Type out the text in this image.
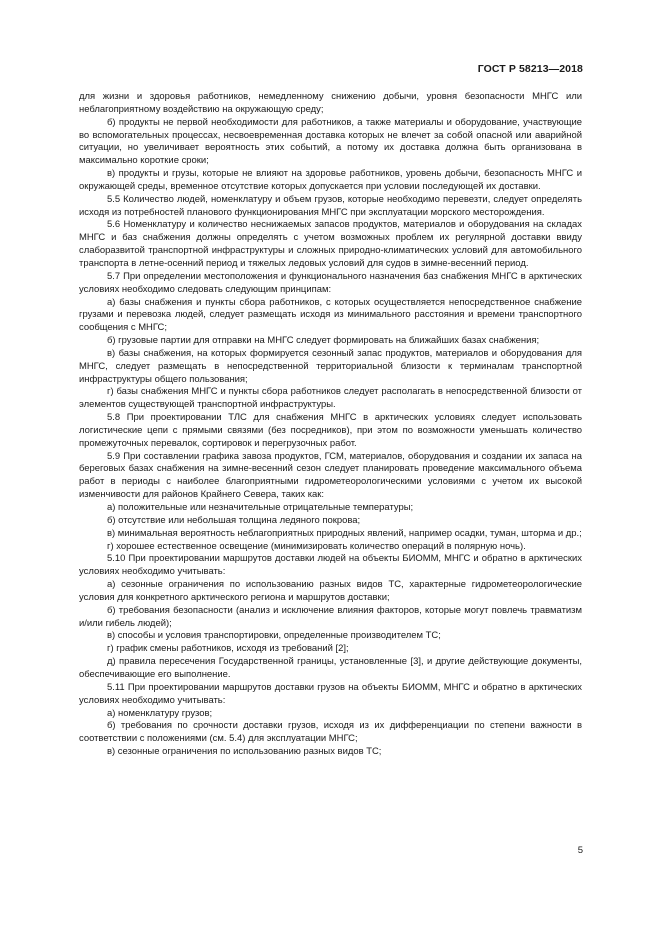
ГОСТ Р 58213—2018

для жизни и здоровья работников, немедленному снижению добычи, уровня безопасности МНГС или неблагоприятному воздействию на окружающую среду;

б) продукты не первой необходимости для работников, а также материалы и оборудование, участвующие во вспомогательных процессах, несвоевременная доставка которых не влечет за собой опасной или аварийной ситуации, но увеличивает вероятность этих событий, а потому их доставка должна быть организована в максимально короткие сроки;

в) продукты и грузы, которые не влияют на здоровье работников, уровень добычи, безопасность МНГС и окружающей среды, временное отсутствие которых допускается при условии последующей их доставки.

5.5 Количество людей, номенклатуру и объем грузов, которые необходимо перевезти, следует определять исходя из потребностей планового функционирования МНГС при эксплуатации морского месторождения.

5.6 Номенклатуру и количество неснижаемых запасов продуктов, материалов и оборудования на складах МНГС и баз снабжения должны определять с учетом возможных проблем их регулярной доставки ввиду слаборазвитой транспортной инфраструктуры и сложных природно-климатических условий для автомобильного транспорта в летне-осенний период и тяжелых ледовых условий для судов в зимне-весенний период.

5.7 При определении местоположения и функционального назначения баз снабжения МНГС в арктических условиях необходимо следовать следующим принципам:

а) базы снабжения и пункты сбора работников, с которых осуществляется непосредственное снабжение грузами и перевозка людей, следует размещать исходя из минимального расстояния и времени транспортного сообщения с МНГС;

б) грузовые партии для отправки на МНГС следует формировать на ближайших базах снабжения;

в) базы снабжения, на которых формируется сезонный запас продуктов, материалов и оборудования для МНГС, следует размещать в непосредственной территориальной близости к терминалам транспортной инфраструктуры общего пользования;

г) базы снабжения МНГС и пункты сбора работников следует располагать в непосредственной близости от элементов существующей транспортной инфраструктуры.

5.8 При проектировании ТЛС для снабжения МНГС в арктических условиях следует использовать логистические цепи с прямыми связями (без посредников), при этом по возможности уменьшать количество промежуточных перевалок, сортировок и перегрузочных работ.

5.9 При составлении графика завоза продуктов, ГСМ, материалов, оборудования и создании их запаса на береговых базах снабжения на зимне-весенний сезон следует планировать проведение максимального объема работ в периоды с наиболее благоприятными гидрометеорологическими условиями с учетом их высокой изменчивости для районов Крайнего Севера, таких как:

а) положительные или незначительные отрицательные температуры;

б) отсутствие или небольшая толщина ледяного покрова;

в) минимальная вероятность неблагоприятных природных явлений, например осадки, туман, шторма и др.;

г) хорошее естественное освещение (минимизировать количество операций в полярную ночь).

5.10 При проектировании маршрутов доставки людей на объекты БИОММ, МНГС и обратно в арктических условиях необходимо учитывать:

а) сезонные ограничения по использованию разных видов ТС, характерные гидрометеорологические условия для конкретного арктического региона и маршрутов доставки;

б) требования безопасности (анализ и исключение влияния факторов, которые могут повлечь травматизм и/или гибель людей);

в) способы и условия транспортировки, определенные производителем ТС;

г) график смены работников, исходя из требований [2];

д) правила пересечения Государственной границы, установленные [3], и другие действующие документы, обеспечивающие его выполнение.

5.11 При проектировании маршрутов доставки грузов на объекты БИОММ, МНГС и обратно в арктических условиях необходимо учитывать:

а) номенклатуру грузов;

б) требования по срочности доставки грузов, исходя из их дифференциации по степени важности в соответствии с положениями (см. 5.4) для эксплуатации МНГС;

в) сезонные ограничения по использованию разных видов ТС;

5
